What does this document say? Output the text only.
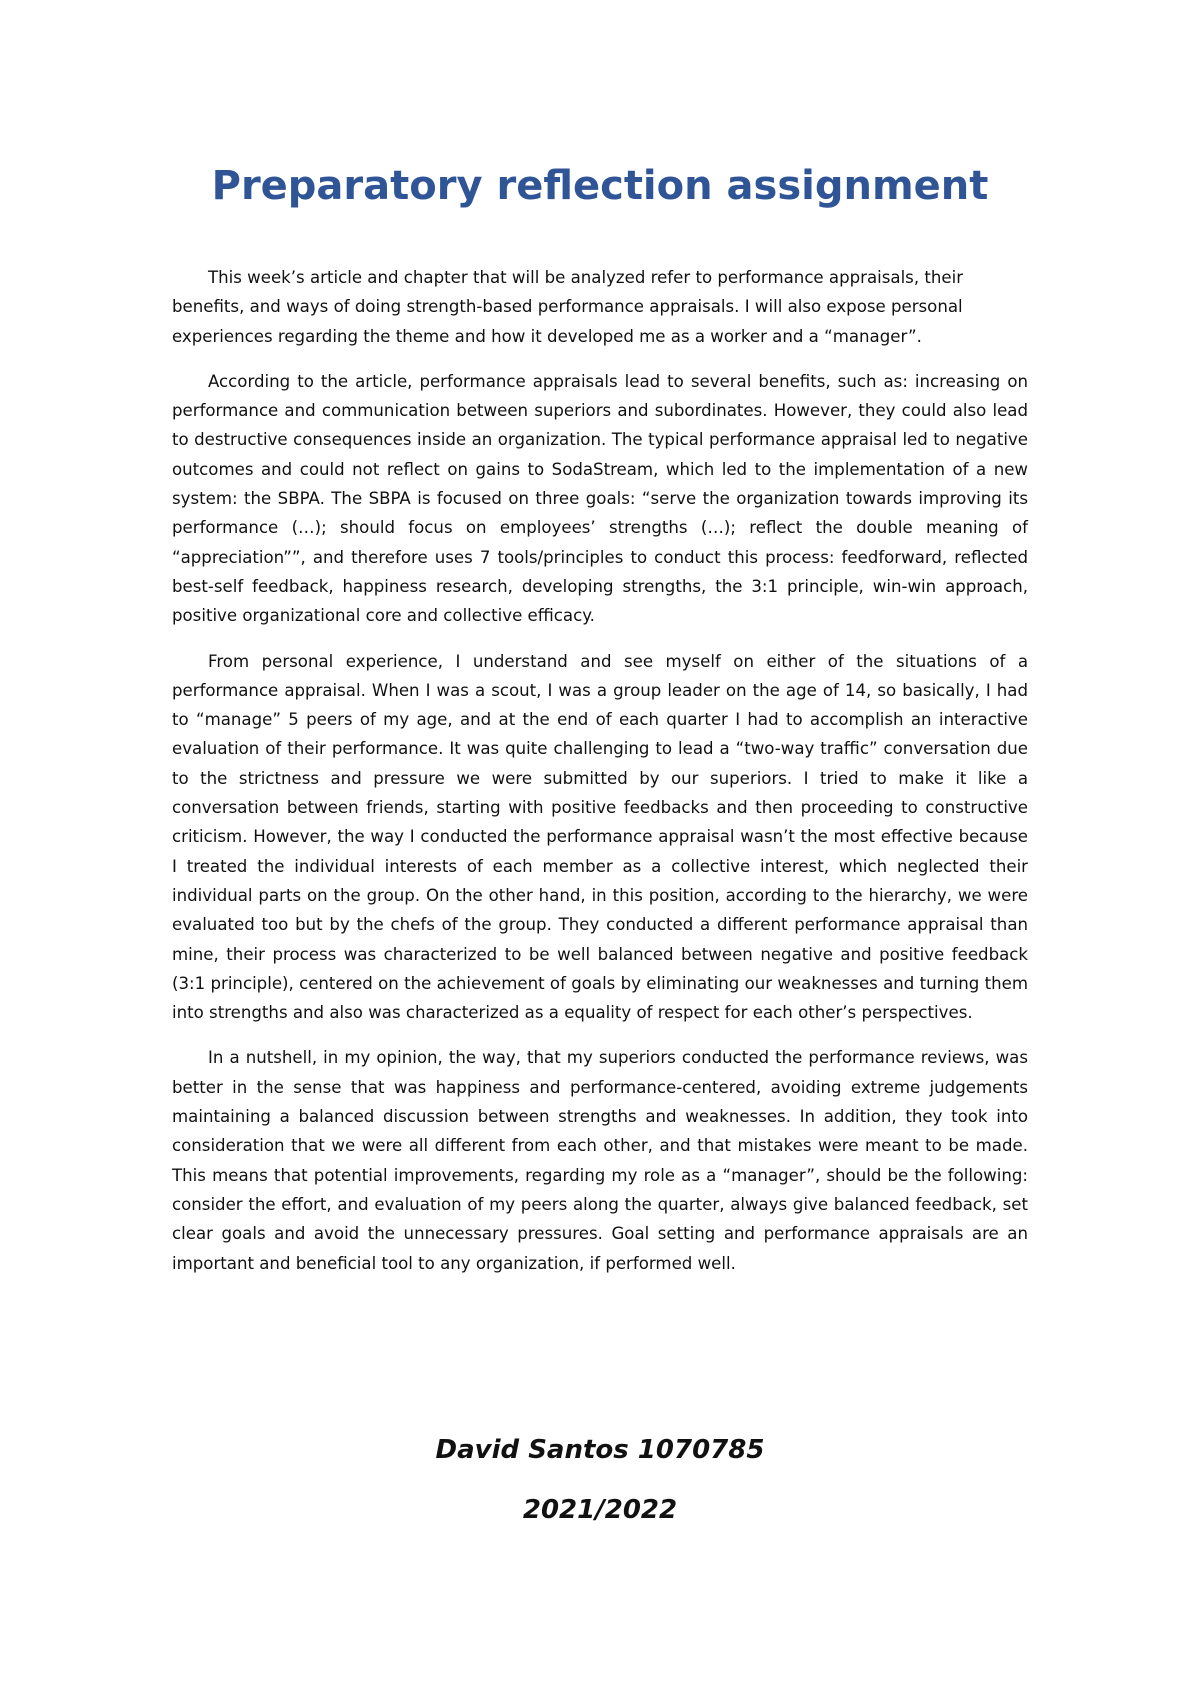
Preparatory reflection assignment

This week’s article and chapter that will be analyzed refer to performance appraisals, their benefits, and ways of doing strength-based performance appraisals. I will also expose personal experiences regarding the theme and how it developed me as a worker and a “manager”.

According to the article, performance appraisals lead to several benefits, such as: increasing on performance and communication between superiors and subordinates. However, they could also lead to destructive consequences inside an organization. The typical performance appraisal led to negative outcomes and could not reflect on gains to SodaStream, which led to the implementation of a new system: the SBPA. The SBPA is focused on three goals: “serve the organization towards improving its performance (…); should focus on employees’ strengths (…); reflect the double meaning of “appreciation””, and therefore uses 7 tools/principles to conduct this process: feedforward, reflected best-self feedback, happiness research, developing strengths, the 3:1 principle, win-win approach, positive organizational core and collective efficacy.

From personal experience, I understand and see myself on either of the situations of a performance appraisal. When I was a scout, I was a group leader on the age of 14, so basically, I had to “manage” 5 peers of my age, and at the end of each quarter I had to accomplish an interactive evaluation of their performance. It was quite challenging to lead a “two-way traffic” conversation due to the strictness and pressure we were submitted by our superiors. I tried to make it like a conversation between friends, starting with positive feedbacks and then proceeding to constructive criticism. However, the way I conducted the performance appraisal wasn’t the most effective because I treated the individual interests of each member as a collective interest, which neglected their individual parts on the group. On the other hand, in this position, according to the hierarchy, we were evaluated too but by the chefs of the group. They conducted a different performance appraisal than mine, their process was characterized to be well balanced between negative and positive feedback (3:1 principle), centered on the achievement of goals by eliminating our weaknesses and turning them into strengths and also was characterized as a equality of respect for each other’s perspectives.

In a nutshell, in my opinion, the way, that my superiors conducted the performance reviews, was better in the sense that was happiness and performance-centered, avoiding extreme judgements maintaining a balanced discussion between strengths and weaknesses. In addition, they took into consideration that we were all different from each other, and that mistakes were meant to be made. This means that potential improvements, regarding my role as a “manager”, should be the following: consider the effort, and evaluation of my peers along the quarter, always give balanced feedback, set clear goals and avoid the unnecessary pressures. Goal setting and performance appraisals are an important and beneficial tool to any organization, if performed well.

David Santos 1070785

2021/2022
